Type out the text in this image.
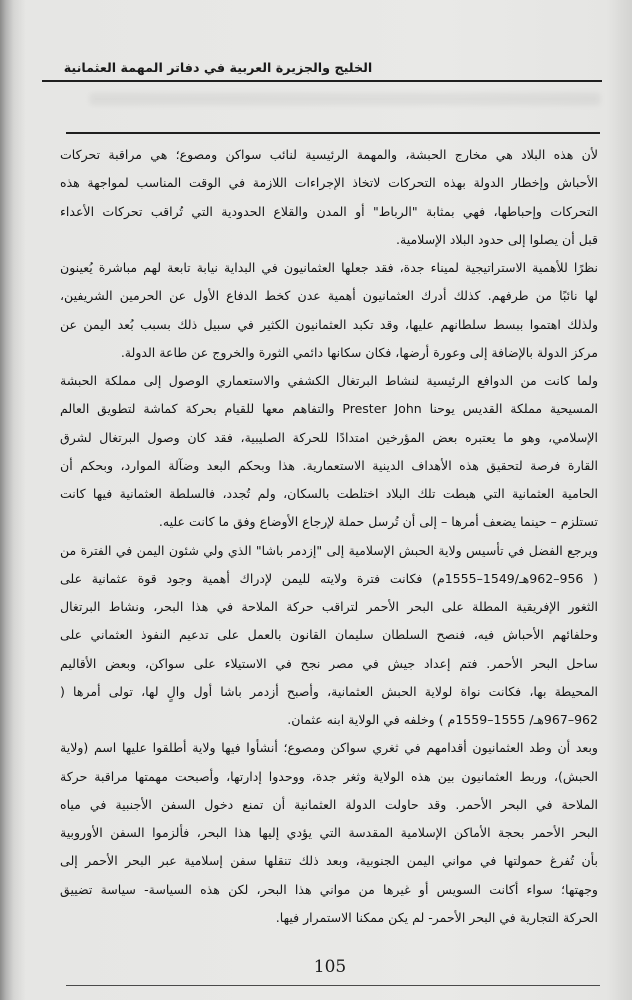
الخليج والجزيرة العربية في دفاتر المهمة العثمانية
لأن هذه البلاد هي مخارج الحبشة، والمهمة الرئيسية لنائب سواكن ومصوع؛ هي مراقبة تحركات
الأحباش وإخطار الدولة بهذه التحركات لاتخاذ الإجراءات اللازمة في الوقت المناسب لمواجهة هذه
التحركات وإحباطها، فهي بمثابة "الرباط" أو المدن والقلاع الحدودية التي تُراقب تحركات الأعداء
قبل أن يصلوا إلى حدود البلاد الإسلامية.
نظرًا للأهمية الاستراتيجية لميناء جدة، فقد جعلها العثمانيون في البداية نيابة تابعة لهم مباشرة يُعينون
لها نائبًا من طرفهم. كذلك أدرك العثمانيون أهمية عدن كخط الدفاع الأول عن الحرمين الشريفين،
ولذلك اهتموا ببسط سلطانهم عليها، وقد تكبد العثمانيون الكثير في سبيل ذلك بسبب بُعد اليمن عن
مركز الدولة بالإضافة إلى وعورة أرضها، فكان سكانها دائمي الثورة والخروج عن طاعة الدولة.
ولما كانت من الدوافع الرئيسية لنشاط البرتغال الكشفي والاستعماري الوصول إلى مملكة الحبشة
المسيحية مملكة القديس يوحنا Prester John والتفاهم معها للقيام بحركة كماشة لتطويق العالم
الإسلامي، وهو ما يعتبره بعض المؤرخين امتدادًا للحركة الصليبية، فقد كان وصول البرتغال لشرق
القارة فرصة لتحقيق هذه الأهداف الدينية الاستعمارية. هذا وبحكم البعد وضآلة الموارد، وبحكم أن
الحامية العثمانية التي هبطت تلك البلاد اختلطت بالسكان، ولم تُجدد، فالسلطة العثمانية فيها كانت
تستلزم – حينما يضعف أمرها – إلى أن تُرسل حملة لإرجاع الأوضاع وفق ما كانت عليه.
ويرجع الفضل في تأسيس ولاية الحبش الإسلامية إلى "إزدمر باشا" الذي ولي شئون اليمن في الفترة من
( 956–962هـ/1549–1555م) فكانت فترة ولايته لليمن لإدراك أهمية وجود قوة عثمانية على
الثغور الإفريقية المطلة على البحر الأحمر لتراقب حركة الملاحة في هذا البحر، ونشاط البرتغال
وحلفائهم الأحباش فيه، فنصح السلطان سليمان القانون بالعمل على تدعيم النفوذ العثماني على
ساحل البحر الأحمر. فتم إعداد جيش في مصر نجح في الاستيلاء على سواكن، وبعض الأقاليم
المحيطة بها، فكانت نواة لولاية الحبش العثمانية، وأصبح أزدمر باشا أول والٍ لها، تولى أمرها (
962–967هـ/ 1555–1559م ) وخلفه في الولاية ابنه عثمان.
وبعد أن وطد العثمانيون أقدامهم في ثغري سواكن ومصوع؛ أنشأوا فيها ولاية أطلقوا عليها اسم (ولاية
الحبش)، وربط العثمانيون بين هذه الولاية وثغر جدة، ووحدوا إدارتها، وأصبحت مهمتها مراقبة حركة
الملاحة في البحر الأحمر. وقد حاولت الدولة العثمانية أن تمنع دخول السفن الأجنبية في مياه
البحر الأحمر بحجة الأماكن الإسلامية المقدسة التي يؤدي إليها هذا البحر، فألزموا السفن الأوروبية
بأن تُفرغ حمولتها في مواني اليمن الجنوبية، وبعد ذلك تنقلها سفن إسلامية عبر البحر الأحمر إلى
وجهتها؛ سواء أكانت السويس أو غيرها من مواني هذا البحر، لكن هذه السياسة- سياسة تضييق
الحركة التجارية في البحر الأحمر- لم يكن ممكنا الاستمرار فيها.
105
